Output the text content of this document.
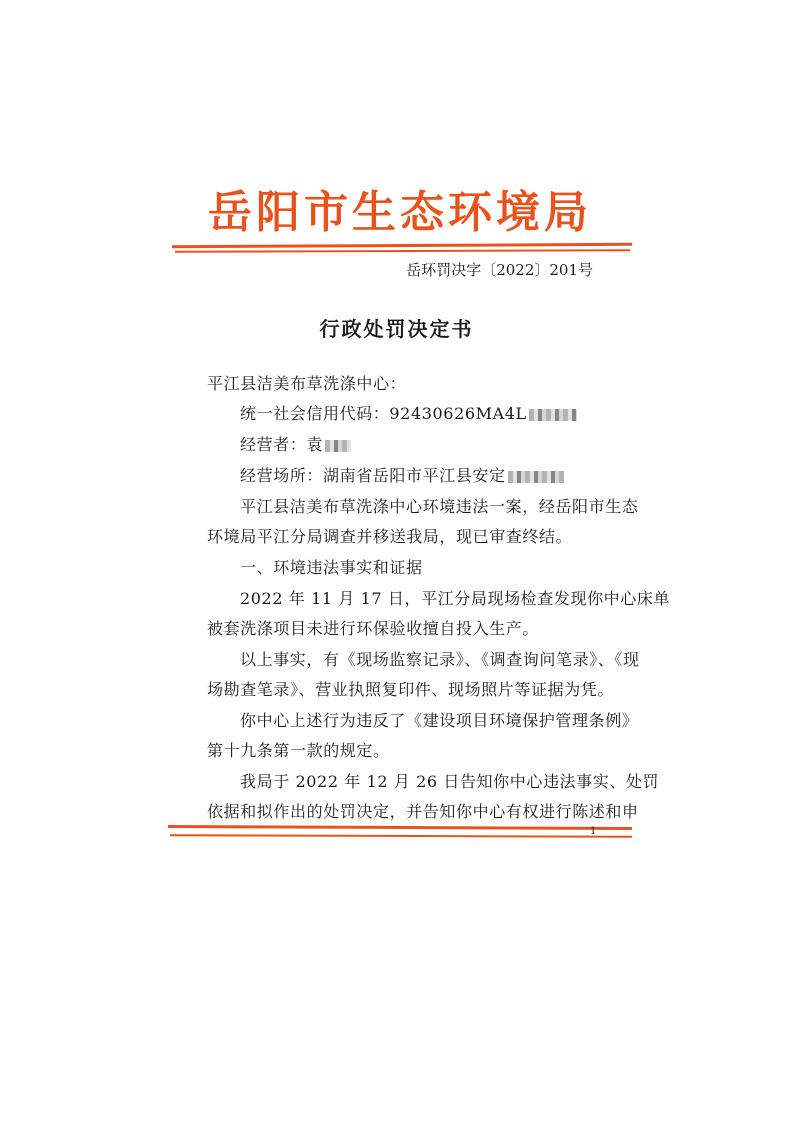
岳阳市生态环境局
岳环罚决字〔2022〕201号
行政处罚决定书
平江县洁美布草洗涤中心：
统一社会信用代码：92430626MA4L
经营者：袁
经营场所：湖南省岳阳市平江县安定
平江县洁美布草洗涤中心环境违法一案，经岳阳市生态
环境局平江分局调查并移送我局，现已审查终结。
一、环境违法事实和证据
2022 年 11 月 17 日，平江分局现场检查发现你中心床单
被套洗涤项目未进行环保验收擅自投入生产。
以上事实，有《现场监察记录》、《调查询问笔录》、《现
场勘查笔录》、营业执照复印件、现场照片等证据为凭。
你中心上述行为违反了《建设项目环境保护管理条例》
第十九条第一款的规定。
我局于 2022 年 12 月 26 日告知你中心违法事实、处罚
依据和拟作出的处罚决定，并告知你中心有权进行陈述和申
1
